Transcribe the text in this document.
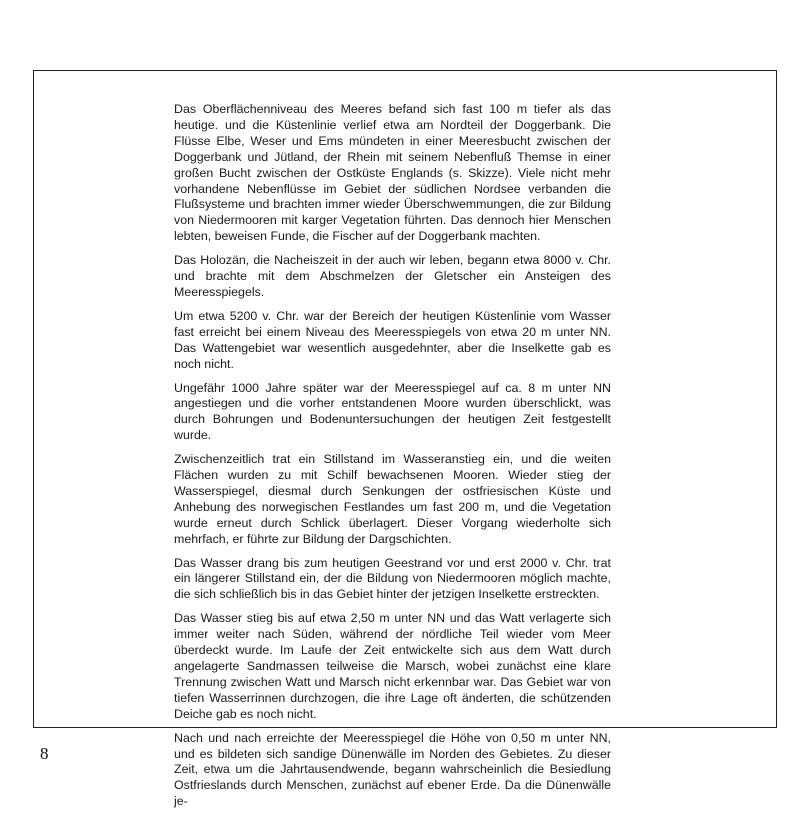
Das Oberflächenniveau des Meeres befand sich fast 100 m tiefer als das heutige. und die Küstenlinie verlief etwa am Nordteil der Doggerbank. Die Flüsse Elbe, Weser und Ems mündeten in einer Meeresbucht zwischen der Doggerbank und Jütland, der Rhein mit seinem Nebenfluß Themse in einer großen Bucht zwischen der Ostküste Englands (s. Skizze). Viele nicht mehr vorhandene Nebenflüsse im Gebiet der südlichen Nordsee verbanden die Flußsysteme und brachten immer wieder Überschwemmungen, die zur Bildung von Niedermooren mit karger Vegetation führten. Das dennoch hier Menschen lebten, beweisen Funde, die Fischer auf der Doggerbank machten.

Das Holozän, die Nacheiszeit in der auch wir leben, begann etwa 8000 v. Chr. und brachte mit dem Abschmelzen der Gletscher ein Ansteigen des Meeresspiegels.

Um etwa 5200 v. Chr. war der Bereich der heutigen Küstenlinie vom Wasser fast erreicht bei einem Niveau des Meeresspiegels von etwa 20 m unter NN. Das Wattengebiet war wesentlich ausgedehnter, aber die Inselkette gab es noch nicht.

Ungefähr 1000 Jahre später war der Meeresspiegel auf ca. 8 m unter NN angestiegen und die vorher entstandenen Moore wurden überschlickt, was durch Bohrungen und Bodenuntersuchungen der heutigen Zeit festgestellt wurde.

Zwischenzeitlich trat ein Stillstand im Wasseranstieg ein, und die weiten Flächen wurden zu mit Schilf bewachsenen Mooren. Wieder stieg der Wasserspiegel, diesmal durch Senkungen der ostfriesischen Küste und Anhebung des norwegischen Festlandes um fast 200 m, und die Vegetation wurde erneut durch Schlick überlagert. Dieser Vorgang wiederholte sich mehrfach, er führte zur Bildung der Dargschichten.

Das Wasser drang bis zum heutigen Geestrand vor und erst 2000 v. Chr. trat ein längerer Stillstand ein, der die Bildung von Niedermooren möglich machte, die sich schließlich bis in das Gebiet hinter der jetzigen Inselkette erstreckten.

Das Wasser stieg bis auf etwa 2,50 m unter NN und das Watt verlagerte sich immer weiter nach Süden, während der nördliche Teil wieder vom Meer überdeckt wurde. Im Laufe der Zeit entwickelte sich aus dem Watt durch angelagerte Sandmassen teilweise die Marsch, wobei zunächst eine klare Trennung zwischen Watt und Marsch nicht erkennbar war. Das Gebiet war von tiefen Wasserrinnen durchzogen, die ihre Lage oft änderten, die schützenden Deiche gab es noch nicht.

Nach und nach erreichte der Meeresspiegel die Höhe von 0,50 m unter NN, und es bildeten sich sandige Dünenwälle im Norden des Gebietes. Zu dieser Zeit, etwa um die Jahrtausendwende, begann wahrscheinlich die Besiedlung Ostfrieslands durch Menschen, zunächst auf ebener Erde. Da die Dünenwälle je-

8
